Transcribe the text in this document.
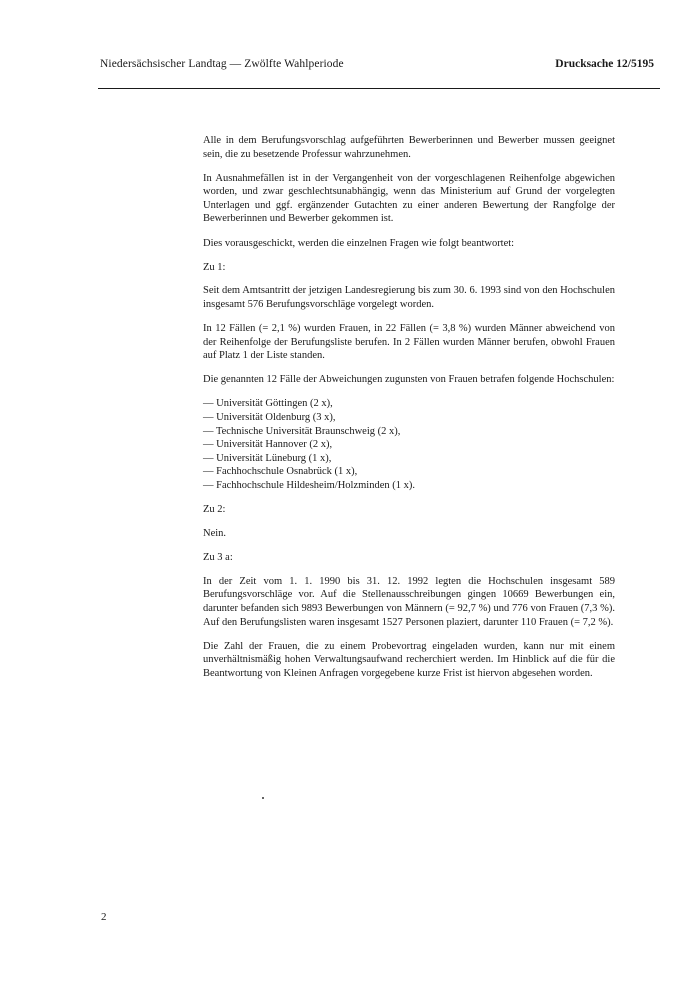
Niedersächsischer Landtag — Zwölfte Wahlperiode	Drucksache 12/5195

Alle in dem Berufungsvorschlag aufgeführten Bewerberinnen und Bewerber mussen geeignet sein, die zu besetzende Professur wahrzunehmen.

In Ausnahmefällen ist in der Vergangenheit von der vorgeschlagenen Reihenfolge abgewichen worden, und zwar geschlechtsunabhängig, wenn das Ministerium auf Grund der vorgelegten Unterlagen und ggf. ergänzender Gutachten zu einer anderen Bewertung der Rangfolge der Bewerberinnen und Bewerber gekommen ist.

Dies vorausgeschickt, werden die einzelnen Fragen wie folgt beantwortet:

Zu 1:

Seit dem Amtsantritt der jetzigen Landesregierung bis zum 30. 6. 1993 sind von den Hochschulen insgesamt 576 Berufungsvorschläge vorgelegt worden.

In 12 Fällen (= 2,1 %) wurden Frauen, in 22 Fällen (= 3,8 %) wurden Männer abweichend von der Reihenfolge der Berufungsliste berufen. In 2 Fällen wurden Männer berufen, obwohl Frauen auf Platz 1 der Liste standen.

Die genannten 12 Fälle der Abweichungen zugunsten von Frauen betrafen folgende Hochschulen:

— Universität Göttingen (2 x),
— Universität Oldenburg (3 x),
— Technische Universität Braunschweig (2 x),
— Universität Hannover (2 x),
— Universität Lüneburg (1 x),
— Fachhochschule Osnabrück (1 x),
— Fachhochschule Hildesheim/Holzminden (1 x).

Zu 2:

Nein.

Zu 3 a:

In der Zeit vom 1. 1. 1990 bis 31. 12. 1992 legten die Hochschulen insgesamt 589 Berufungsvorschläge vor. Auf die Stellenausschreibungen gingen 10669 Bewerbungen ein, darunter befanden sich 9893 Bewerbungen von Männern (= 92,7 %) und 776 von Frauen (7,3 %). Auf den Berufungslisten waren insgesamt 1527 Personen plaziert, darunter 110 Frauen (= 7,2 %).

Die Zahl der Frauen, die zu einem Probevortrag eingeladen wurden, kann nur mit einem unverhältnismäßig hohen Verwaltungsaufwand recherchiert werden. Im Hinblick auf die für die Beantwortung von Kleinen Anfragen vorgegebene kurze Frist ist hiervon abgesehen worden.

2
